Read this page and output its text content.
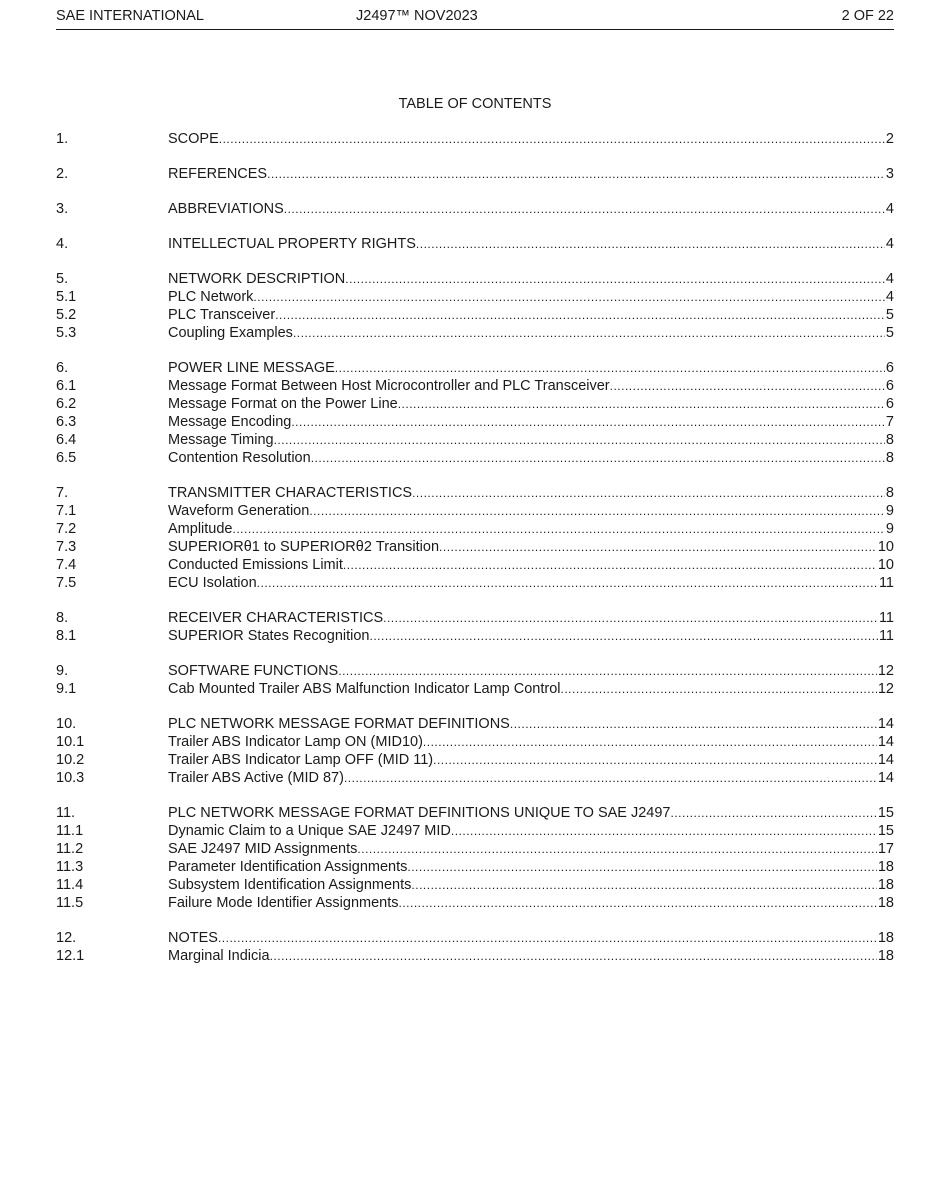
SAE INTERNATIONAL	J2497™ NOV2023	2 OF 22
TABLE OF CONTENTS
1.	SCOPE .....	2
2.	REFERENCES .....	3
3.	ABBREVIATIONS .....	4
4.	INTELLECTUAL PROPERTY RIGHTS .....	4
5.	NETWORK DESCRIPTION .....	4
5.1	PLC Network .....	4
5.2	PLC Transceiver .....	5
5.3	Coupling Examples .....	5
6.	POWER LINE MESSAGE .....	6
6.1	Message Format Between Host Microcontroller and PLC Transceiver .....	6
6.2	Message Format on the Power Line .....	6
6.3	Message Encoding .....	7
6.4	Message Timing .....	8
6.5	Contention Resolution .....	8
7.	TRANSMITTER CHARACTERISTICS .....	8
7.1	Waveform Generation .....	9
7.2	Amplitude .....	9
7.3	SUPERIORθ1 to SUPERIORθ2 Transition .....	10
7.4	Conducted Emissions Limit .....	10
7.5	ECU Isolation .....	11
8.	RECEIVER CHARACTERISTICS .....	11
8.1	SUPERIOR States Recognition .....	11
9.	SOFTWARE FUNCTIONS .....	12
9.1	Cab Mounted Trailer ABS Malfunction Indicator Lamp Control .....	12
10.	PLC NETWORK MESSAGE FORMAT DEFINITIONS .....	14
10.1	Trailer ABS Indicator Lamp ON (MID10) .....	14
10.2	Trailer ABS Indicator Lamp OFF (MID 11) .....	14
10.3	Trailer ABS Active (MID 87) .....	14
11.	PLC NETWORK MESSAGE FORMAT DEFINITIONS UNIQUE TO SAE J2497 .....	15
11.1	Dynamic Claim to a Unique SAE J2497 MID .....	15
11.2	SAE J2497 MID Assignments .....	17
11.3	Parameter Identification Assignments .....	18
11.4	Subsystem Identification Assignments .....	18
11.5	Failure Mode Identifier Assignments .....	18
12.	NOTES .....	18
12.1	Marginal Indicia .....	18
